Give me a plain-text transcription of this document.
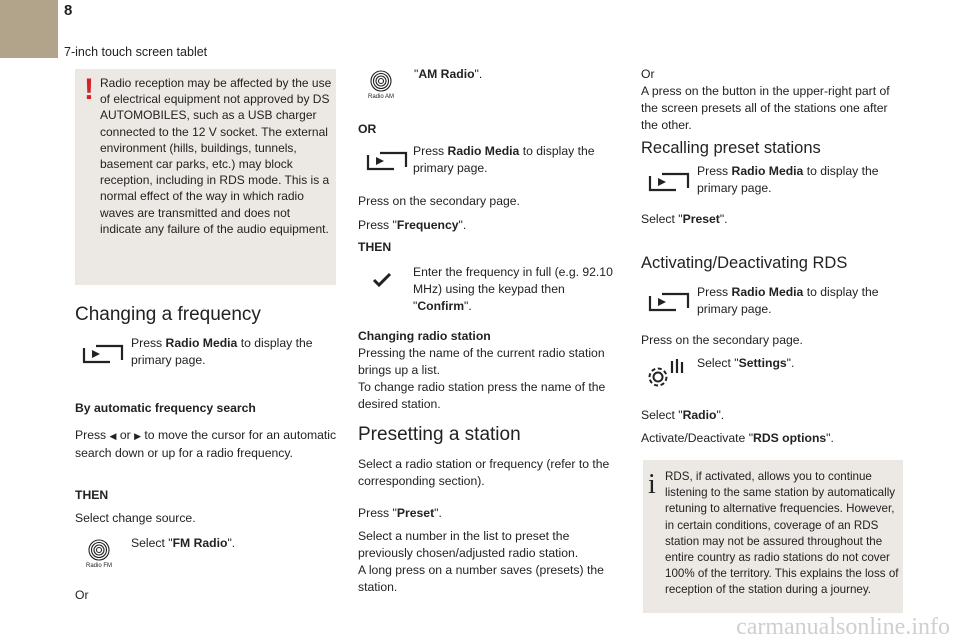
8
7-inch touch screen tablet
! Radio reception may be affected by the use of electrical equipment not approved by DS AUTOMOBILES, such as a USB charger connected to the 12 V socket. The external environment (hills, buildings, tunnels, basement car parks, etc.) may block reception, including in RDS mode. This is a normal effect of the way in which radio waves are transmitted and does not indicate any failure of the audio equipment.
Changing a frequency
Press Radio Media to display the primary page.
By automatic frequency search
Press ◀ or ▶ to move the cursor for an automatic search down or up for a radio frequency.
THEN
Select change source.
Radio FM
Select "FM Radio".
Or
Radio AM
"AM Radio".
OR
Press Radio Media to display the primary page.
Press on the secondary page.
Press "Frequency".
THEN
Enter the frequency in full (e.g. 92.10 MHz) using the keypad then "Confirm".
Changing radio station
Pressing the name of the current radio station brings up a list.
To change radio station press the name of the desired station.
Presetting a station
Select a radio station or frequency (refer to the corresponding section).
Press "Preset".
Select a number in the list to preset the previously chosen/adjusted radio station.
A long press on a number saves (presets) the station.
Or
A press on the button in the upper-right part of the screen presets all of the stations one after the other.
Recalling preset stations
Press Radio Media to display the primary page.
Select "Preset".
Activating/Deactivating RDS
Press Radio Media to display the primary page.
Press on the secondary page.
Select "Settings".
Select "Radio".
Activate/Deactivate "RDS options".
i RDS, if activated, allows you to continue listening to the same station by automatically retuning to alternative frequencies. However, in certain conditions, coverage of an RDS station may not be assured throughout the entire country as radio stations do not cover 100% of the territory. This explains the loss of reception of the station during a journey.
carmanualsonline.info
